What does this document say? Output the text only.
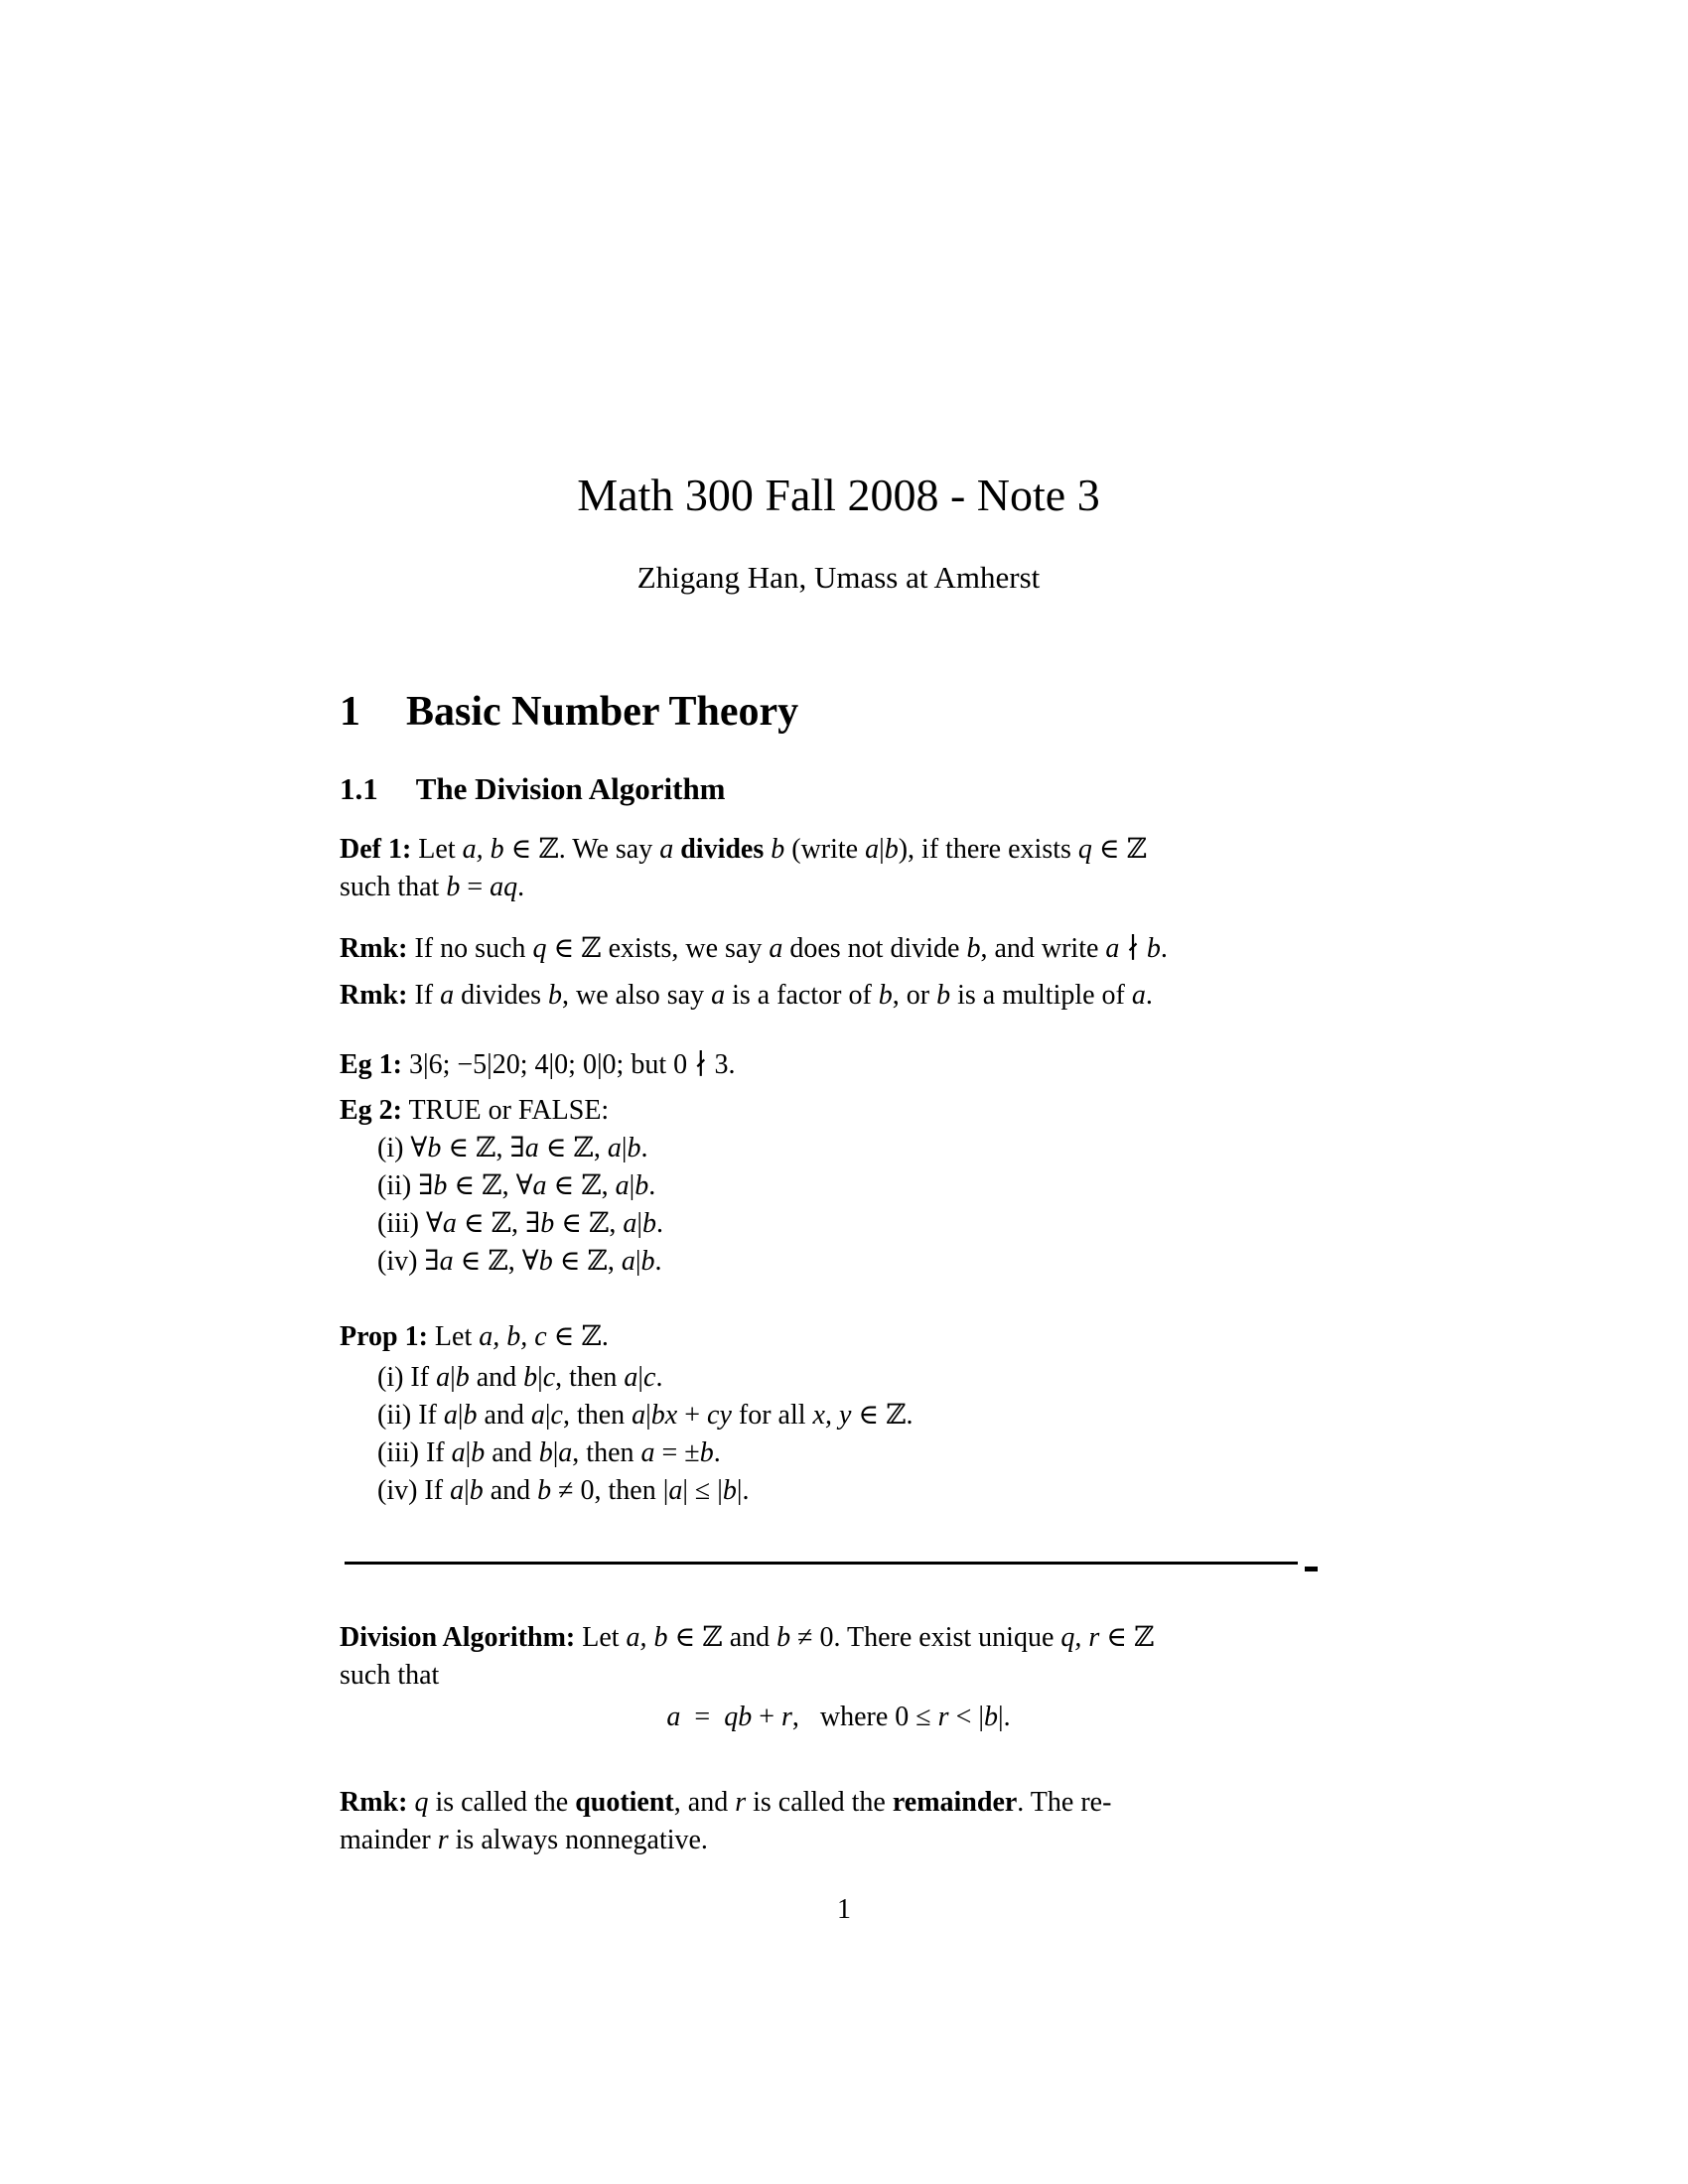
Math 300 Fall 2008 - Note 3
Zhigang Han, Umass at Amherst
1 Basic Number Theory
1.1 The Division Algorithm
Def 1: Let a, b ∈ ℤ. We say a divides b (write a|b), if there exists q ∈ ℤ
such that b = aq.
Rmk: If no such q ∈ ℤ exists, we say a does not divide b, and write a ∤ b.
Rmk: If a divides b, we also say a is a factor of b, or b is a multiple of a.
Eg 1: 3|6; −5|20; 4|0; 0|0; but 0 ∤ 3.
Eg 2: TRUE or FALSE:
(i) ∀b ∈ ℤ, ∃a ∈ ℤ, a|b.
(ii) ∃b ∈ ℤ, ∀a ∈ ℤ, a|b.
(iii) ∀a ∈ ℤ, ∃b ∈ ℤ, a|b.
(iv) ∃a ∈ ℤ, ∀b ∈ ℤ, a|b.
Prop 1: Let a, b, c ∈ ℤ.
(i) If a|b and b|c, then a|c.
(ii) If a|b and a|c, then a|bx + cy for all x, y ∈ ℤ.
(iii) If a|b and b|a, then a = ±b.
(iv) If a|b and b ≠ 0, then |a| ≤ |b|.
Division Algorithm: Let a, b ∈ ℤ and b ≠ 0. There exist unique q, r ∈ ℤ
such that
a = qb + r,  where 0 ≤ r < |b|.
Rmk: q is called the quotient, and r is called the remainder. The re-
mainder r is always nonnegative.
1
